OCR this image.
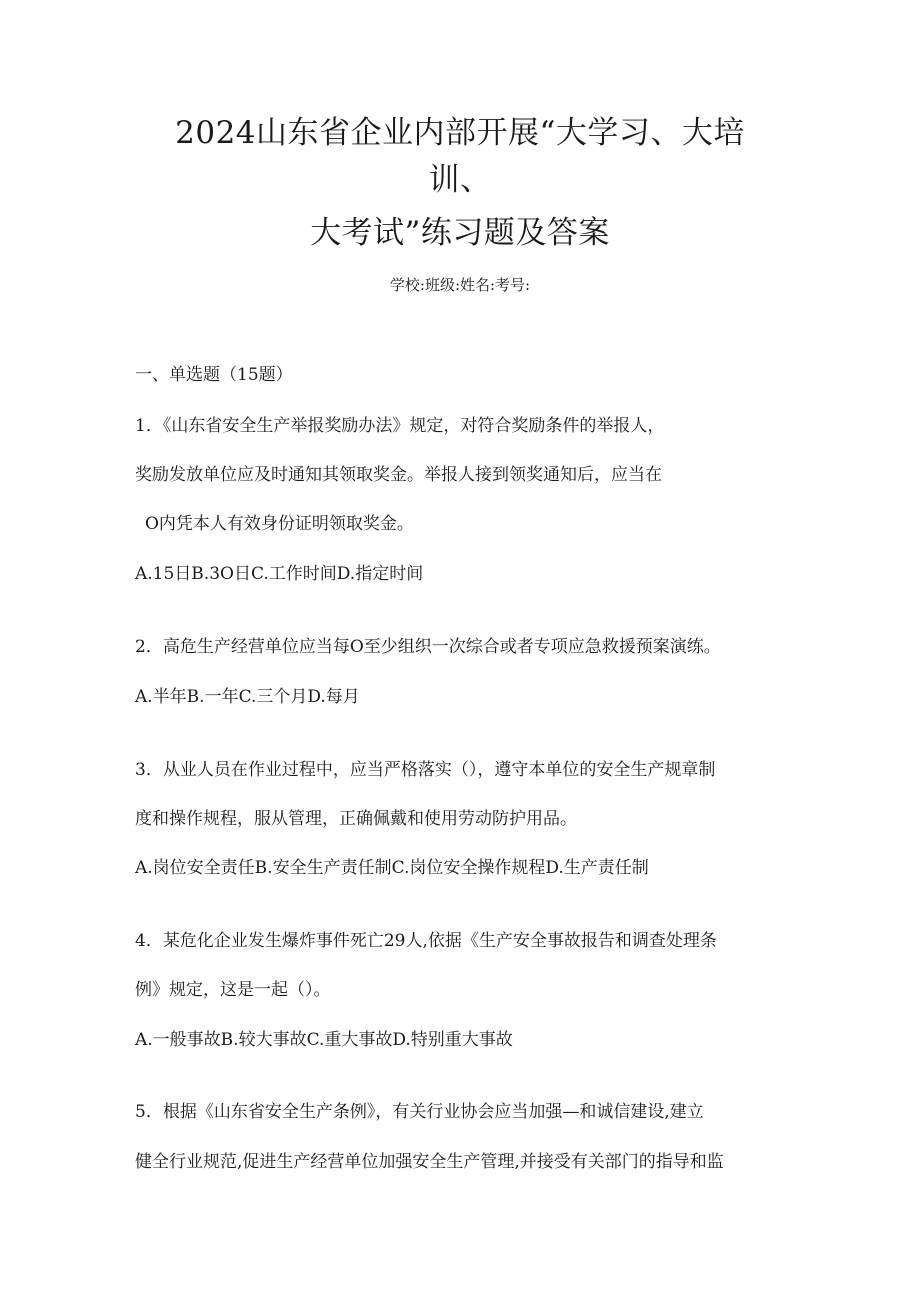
2024山东省企业内部开展“大学习、大培
训、
大考试”练习题及答案
学校:班级:姓名:考号:
一、单选题（15题）
1．《山东省安全生产举报奖励办法》规定，对符合奖励条件的举报人，
奖励发放单位应及时通知其领取奖金。举报人接到领奖通知后，应当在
O内凭本人有效身份证明领取奖金。
A.15日B.3O日C.工作时间D.指定时间
2．高危生产经营单位应当每O至少组织一次综合或者专项应急救援预案演练。
A.半年B.一年C.三个月D.每月
3．从业人员在作业过程中，应当严格落实（），遵守本单位的安全生产规章制
度和操作规程，服从管理，正确佩戴和使用劳动防护用品。
A.岗位安全责任B.安全生产责任制C.岗位安全操作规程D.生产责任制
4．某危化企业发生爆炸事件死亡29人,依据《生产安全事故报告和调查处理条
例》规定，这是一起（）。
A.一般事故B.较大事故C.重大事故D.特别重大事故
5．根据《山东省安全生产条例》，有关行业协会应当加强—和诚信建设,建立
健全行业规范,促进生产经营单位加强安全生产管理,并接受有关部门的指导和监
